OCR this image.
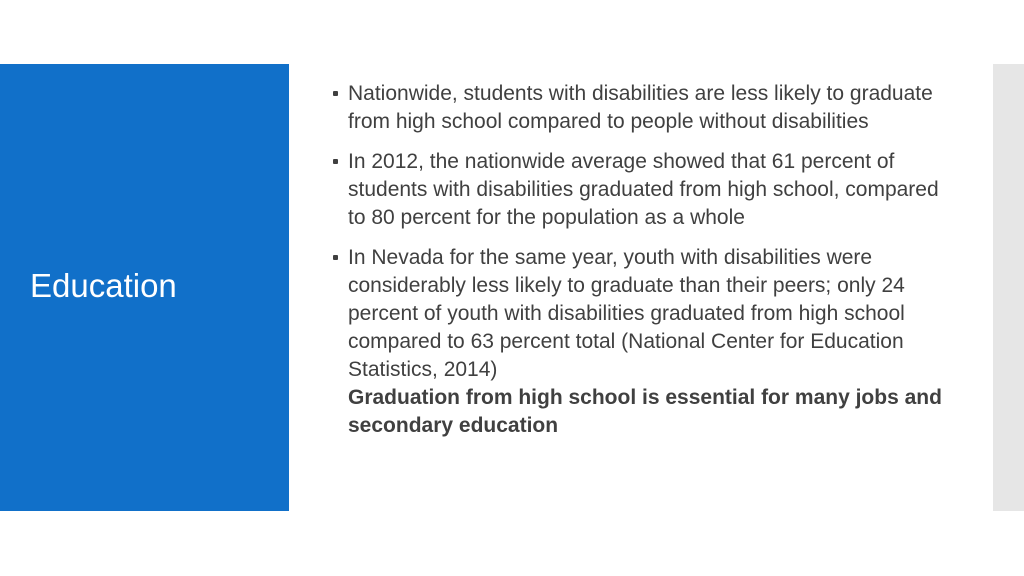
Education

Nationwide, students with disabilities are less likely to graduate from high school compared to people without disabilities

In 2012, the nationwide average showed that 61 percent of students with disabilities graduated from high school, compared to 80 percent for the population as a whole

In Nevada for the same year, youth with disabilities were considerably less likely to graduate than their peers; only 24 percent of youth with disabilities graduated from high school compared to 63 percent total (National Center for Education Statistics, 2014)
Graduation from high school is essential for many jobs and secondary education
